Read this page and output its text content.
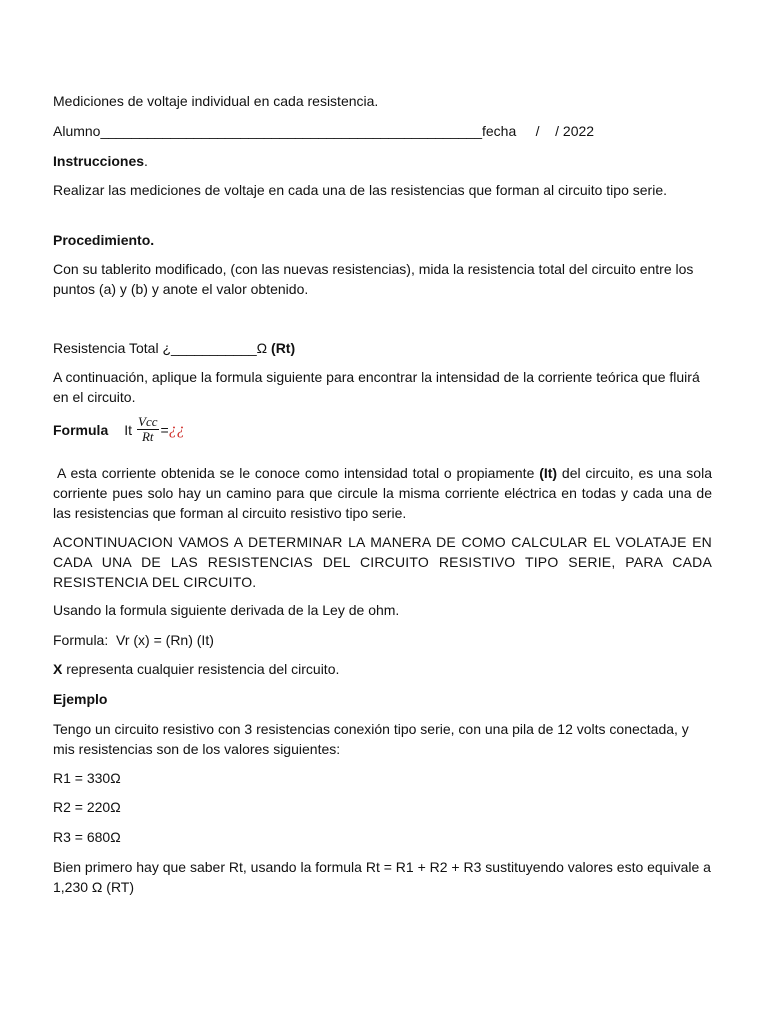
Mediciones de voltaje individual en cada resistencia.

Alumno_________________________________________________fecha     /    / 2022

Instrucciones.

Realizar las mediciones de voltaje en cada una de las resistencias que forman al circuito tipo serie.

Procedimiento.

Con su tablerito modificado, (con las nuevas resistencias), mida la resistencia total del circuito entre los puntos (a) y (b) y anote el valor obtenido.

Resistencia Total ¿___________Ω (Rt)

A continuación, aplique la formula siguiente para encontrar la intensidad de la corriente teórica que fluirá en el circuito.

Formula It $\frac{\text{Vcc}}{Rt}$ = ¿¿

A esta corriente obtenida se le conoce como intensidad total o propiamente (It) del circuito, es una sola corriente pues solo hay un camino para que circule la misma corriente eléctrica en todas y cada una de las resistencias que forman al circuito resistivo tipo serie.

ACONTINUACION VAMOS A DETERMINAR LA MANERA DE COMO CALCULAR EL VOLATAJE EN CADA UNA DE LAS RESISTENCIAS DEL CIRCUITO RESISTIVO TIPO SERIE, PARA CADA RESISTENCIA DEL CIRCUITO.

Usando la formula siguiente derivada de la Ley de ohm.

Formula:  Vr (x) = (Rn) (It)

X representa cualquier resistencia del circuito.

Ejemplo

Tengo un circuito resistivo con 3 resistencias conexión tipo serie, con una pila de 12 volts conectada, y mis resistencias son de los valores siguientes:

R1 = 330Ω

R2 = 220Ω

R3 = 680Ω

Bien primero hay que saber Rt, usando la formula Rt = R1 + R2 + R3 sustituyendo valores esto equivale a 1,230 Ω (RT)
